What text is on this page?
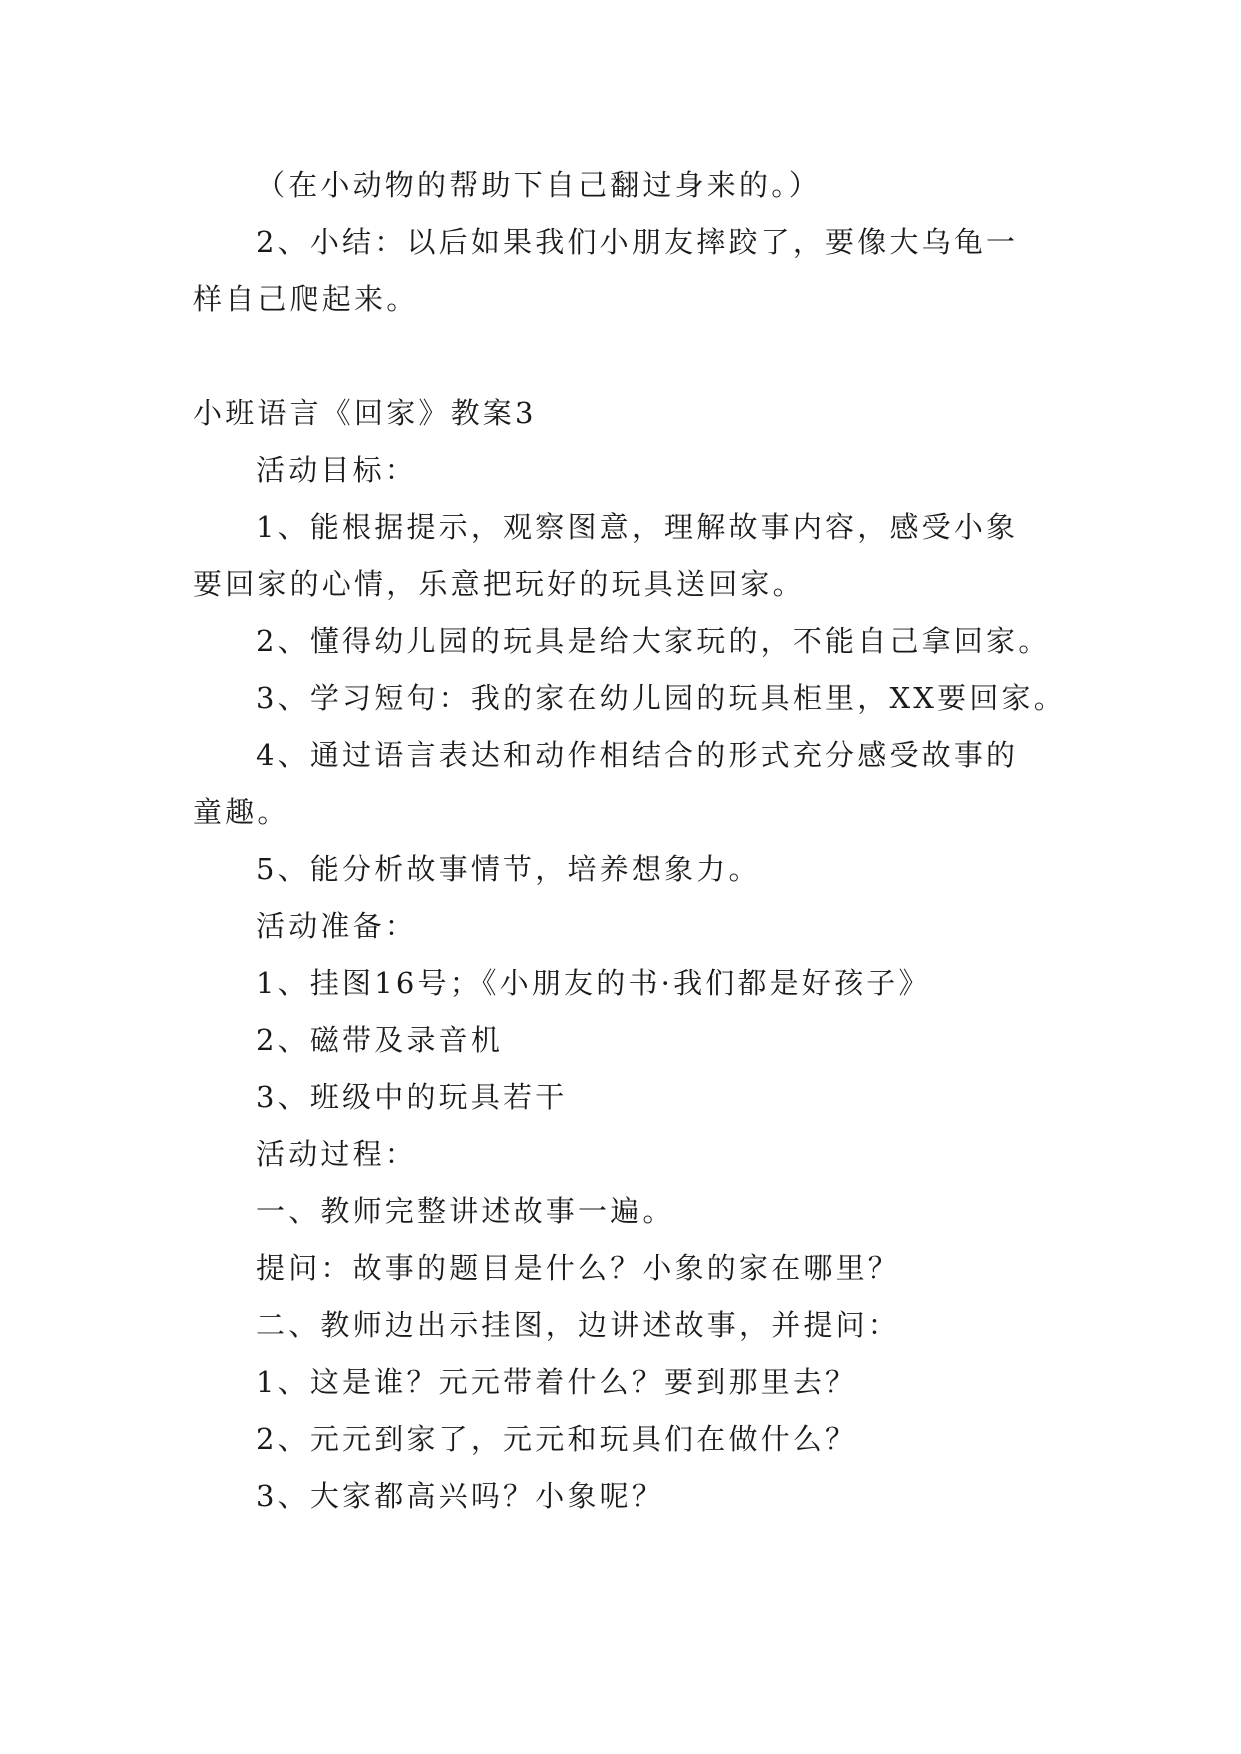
（在小动物的帮助下自己翻过身来的。）
2、小结：以后如果我们小朋友摔跤了，要像大乌龟一
样自己爬起来。
小班语言《回家》教案3
活动目标：
1、能根据提示，观察图意，理解故事内容，感受小象
要回家的心情，乐意把玩好的玩具送回家。
2、懂得幼儿园的玩具是给大家玩的，不能自己拿回家。
3、学习短句：我的家在幼儿园的玩具柜里，XX要回家。
4、通过语言表达和动作相结合的形式充分感受故事的
童趣。
5、能分析故事情节，培养想象力。
活动准备：
1、挂图16号；《小朋友的书·我们都是好孩子》
2、磁带及录音机
3、班级中的玩具若干
活动过程：
一、教师完整讲述故事一遍。
提问：故事的题目是什么？小象的家在哪里？
二、教师边出示挂图，边讲述故事，并提问：
1、这是谁？元元带着什么？要到那里去？
2、元元到家了，元元和玩具们在做什么？
3、大家都高兴吗？小象呢？
